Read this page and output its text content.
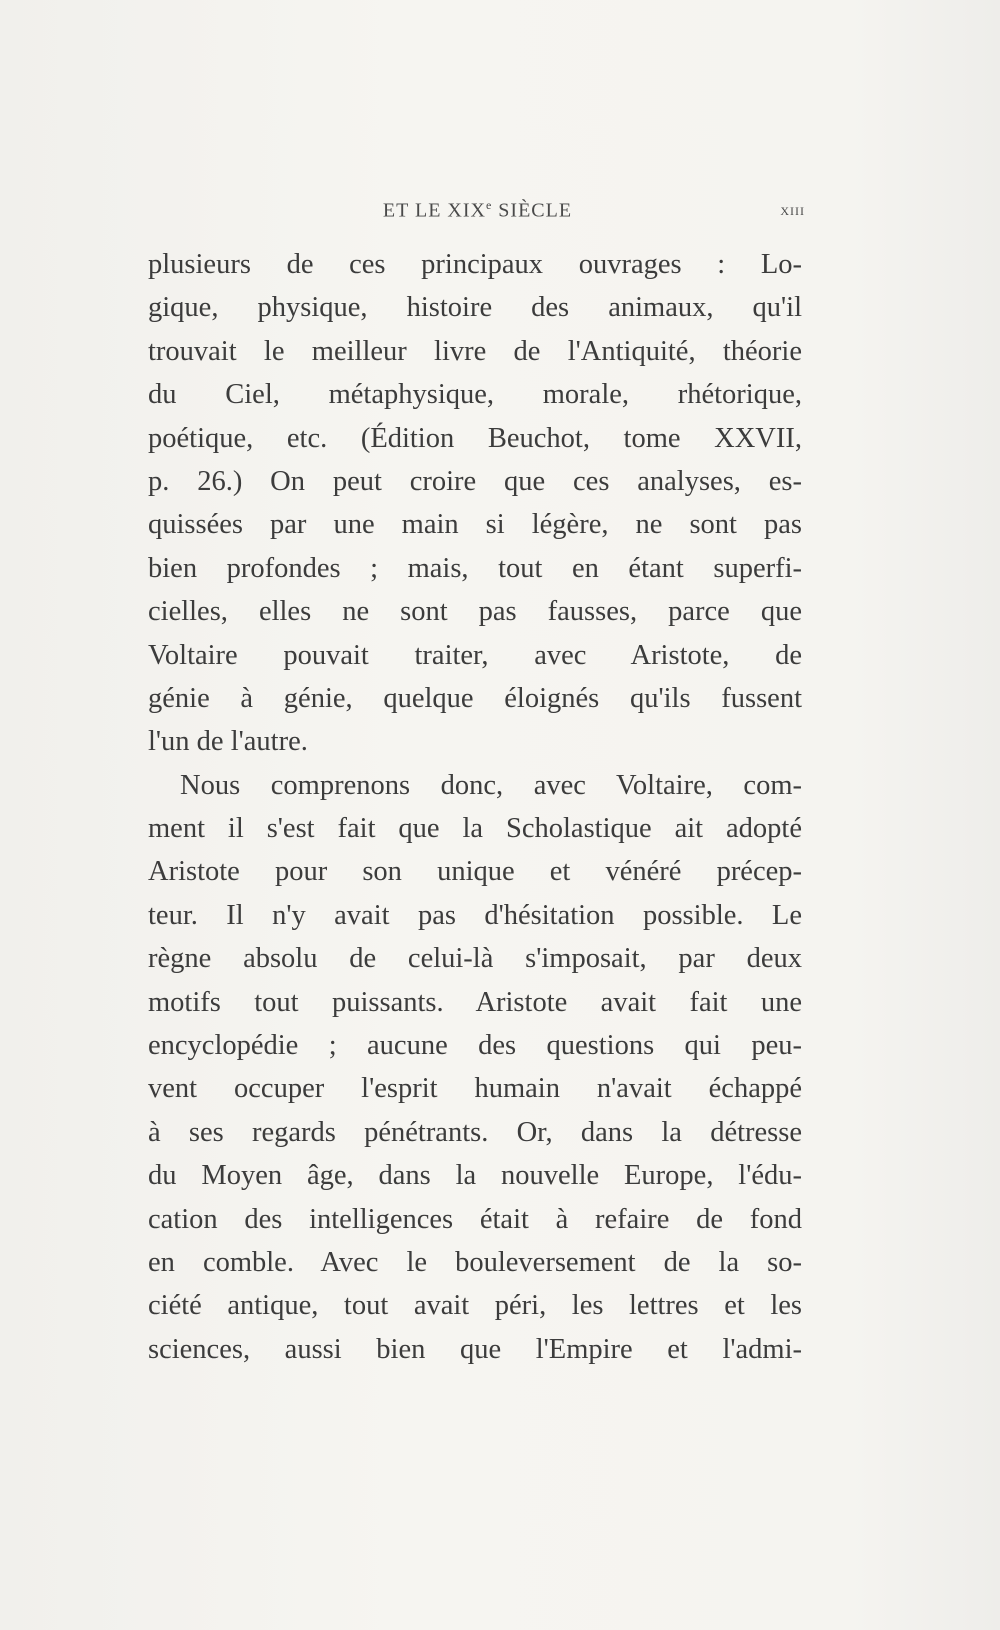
ET LE XIXe SIÈCLE	xiii
plusieurs de ces principaux ouvrages : Lo-
gique, physique, histoire des animaux, qu'il
trouvait le meilleur livre de l'Antiquité, théorie
du Ciel, métaphysique, morale, rhétorique,
poétique, etc. (Édition Beuchot, tome XXVII,
p. 26.) On peut croire que ces analyses, es-
quissées par une main si légère, ne sont pas
bien profondes ; mais, tout en étant superfi-
cielles, elles ne sont pas fausses, parce que
Voltaire pouvait traiter, avec Aristote, de
génie à génie, quelque éloignés qu'ils fussent
l'un de l'autre.
Nous comprenons donc, avec Voltaire, com-
ment il s'est fait que la Scholastique ait adopté
Aristote pour son unique et vénéré précep-
teur. Il n'y avait pas d'hésitation possible. Le
règne absolu de celui-là s'imposait, par deux
motifs tout puissants. Aristote avait fait une
encyclopédie ; aucune des questions qui peu-
vent occuper l'esprit humain n'avait échappé
à ses regards pénétrants. Or, dans la détresse
du Moyen âge, dans la nouvelle Europe, l'édu-
cation des intelligences était à refaire de fond
en comble. Avec le bouleversement de la so-
ciété antique, tout avait péri, les lettres et les
sciences, aussi bien que l'Empire et l'admi-
